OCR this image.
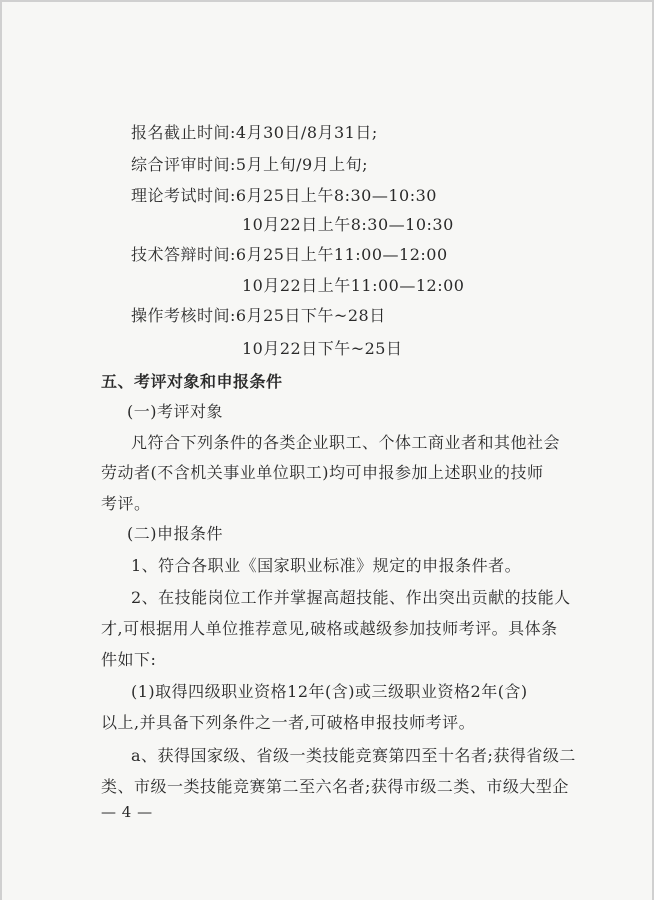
报名截止时间:4月30日/8月31日;
综合评审时间:5月上旬/9月上旬;
理论考试时间:6月25日上午8:30—10:30
10月22日上午8:30—10:30
技术答辩时间:6月25日上午11:00—12:00
10月22日上午11:00—12:00
操作考核时间:6月25日下午~28日
10月22日下午~25日
五、考评对象和申报条件
(一)考评对象
凡符合下列条件的各类企业职工、个体工商业者和其他社会
劳动者(不含机关事业单位职工)均可申报参加上述职业的技师
考评。
(二)申报条件
1、符合各职业《国家职业标准》规定的申报条件者。
2、在技能岗位工作并掌握高超技能、作出突出贡献的技能人
才,可根据用人单位推荐意见,破格或越级参加技师考评。具体条
件如下:
(1)取得四级职业资格12年(含)或三级职业资格2年(含)
以上,并具备下列条件之一者,可破格申报技师考评。
a、获得国家级、省级一类技能竞赛第四至十名者;获得省级二
类、市级一类技能竞赛第二至六名者;获得市级二类、市级大型企
— 4 —
